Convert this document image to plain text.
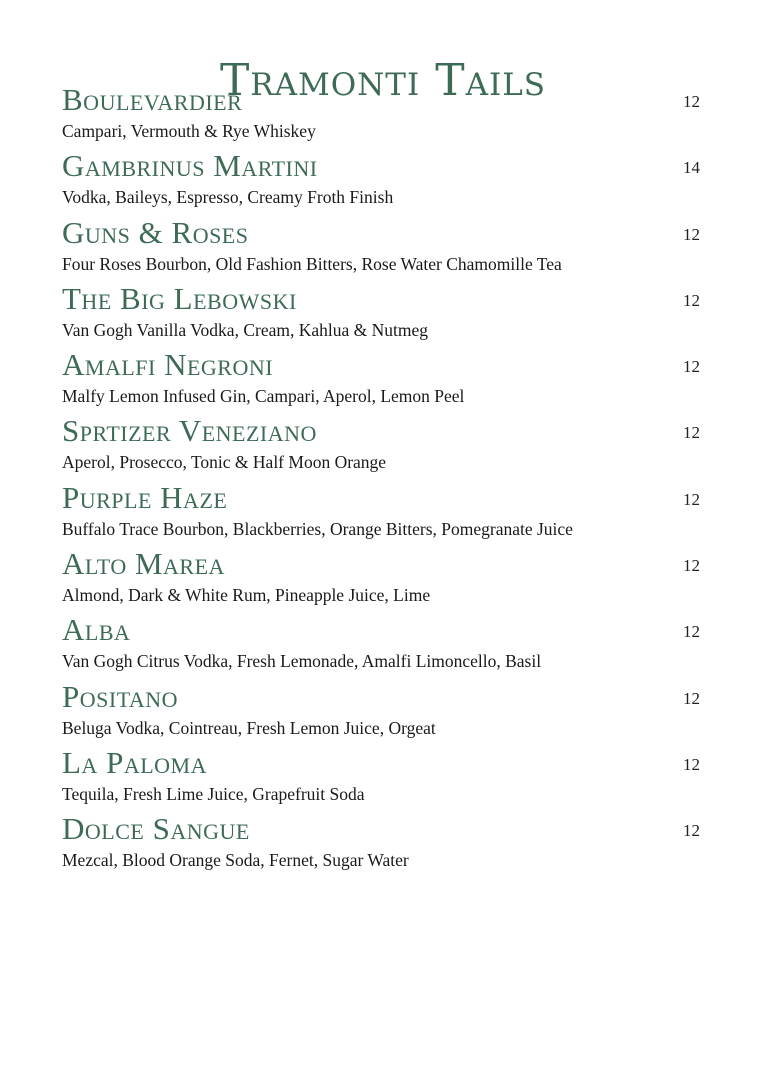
Tramonti Tails
Boulevardier	12
Campari, Vermouth & Rye Whiskey
Gambrinus Martini	14
Vodka, Baileys, Espresso, Creamy Froth Finish
Guns & Roses	12
Four Roses Bourbon, Old Fashion Bitters, Rose Water Chamomille Tea
The Big Lebowski	12
Van Gogh Vanilla Vodka, Cream, Kahlua & Nutmeg
Amalfi Negroni	12
Malfy Lemon Infused Gin, Campari, Aperol, Lemon Peel
Sprtizer Veneziano	12
Aperol, Prosecco, Tonic & Half Moon Orange
Purple Haze	12
Buffalo Trace Bourbon, Blackberries, Orange Bitters, Pomegranate Juice
Alto Marea	12
Almond, Dark & White Rum, Pineapple Juice, Lime
Alba	12
Van Gogh Citrus Vodka, Fresh Lemonade, Amalfi Limoncello, Basil
Positano	12
Beluga Vodka, Cointreau, Fresh Lemon Juice, Orgeat
La Paloma	12
Tequila, Fresh Lime Juice, Grapefruit Soda
Dolce Sangue	12
Mezcal, Blood Orange Soda, Fernet, Sugar Water
